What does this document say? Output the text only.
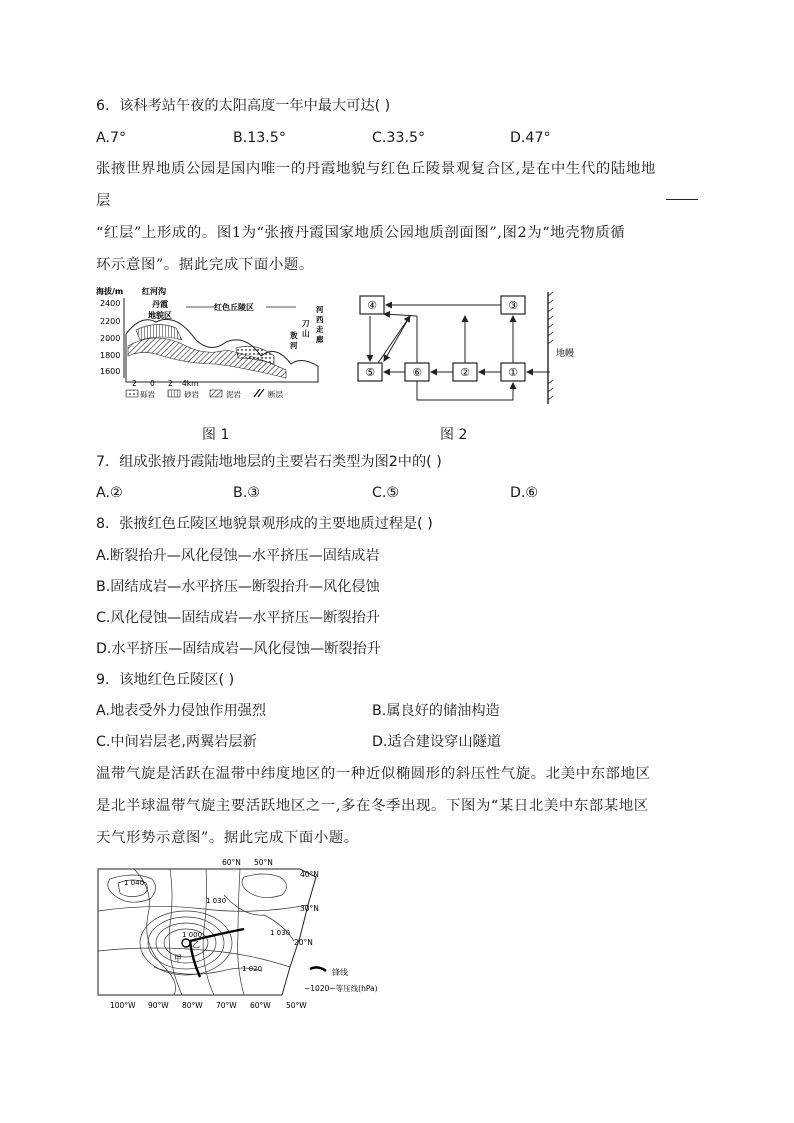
6．该科考站午夜的太阳高度一年中最大可达( )
A.7°	B.13.5°	C.33.5°	D.47°
张掖世界地质公园是国内唯一的丹霞地貌与红色丘陵景观复合区,是在中生代的陆地地
层
“红层”上形成的。图1为“张掖丹霞国家地质公园地质剖面图”,图2为“地壳物质循
环示意图”。据此完成下面小题。
海拔/m 红河沟
2400
2200
2000
1800
1600
丹霞
地貌区
红色丘陵区
敖
河
刀
山
河
西
走
廊
2 0 2 4km
砾岩	砂岩	泥岩	断层
④	③
⑤	⑥	②	①
地幔
图 1	图 2
7．组成张掖丹霞陆地地层的主要岩石类型为图2中的( )
A.②	B.③	C.⑤	D.⑥
8．张掖红色丘陵区地貌景观形成的主要地质过程是( )
A.断裂抬升—风化侵蚀—水平挤压—固结成岩
B.固结成岩—水平挤压—断裂抬升—风化侵蚀
C.风化侵蚀—固结成岩—水平挤压—断裂抬升
D.水平挤压—固结成岩—风化侵蚀—断裂抬升
9．该地红色丘陵区( )
A.地表受外力侵蚀作用强烈	B.属良好的储油构造
C.中间岩层老,两翼岩层新	D.适合建设穿山隧道
温带气旋是活跃在温带中纬度地区的一种近似椭圆形的斜压性气旋。北美中东部地区
是北半球温带气旋主要活跃地区之一,多在冬季出现。下图为“某日北美中东部某地区
天气形势示意图”。据此完成下面小题。
乙
甲
1 040
1 030
1 000	1 030
1 020
60°N 50°N
40°N
30°N
20°N
100°W 90°W 80°W 70°W 60°W 50°W
锋线
~1020~等压线(hPa)
